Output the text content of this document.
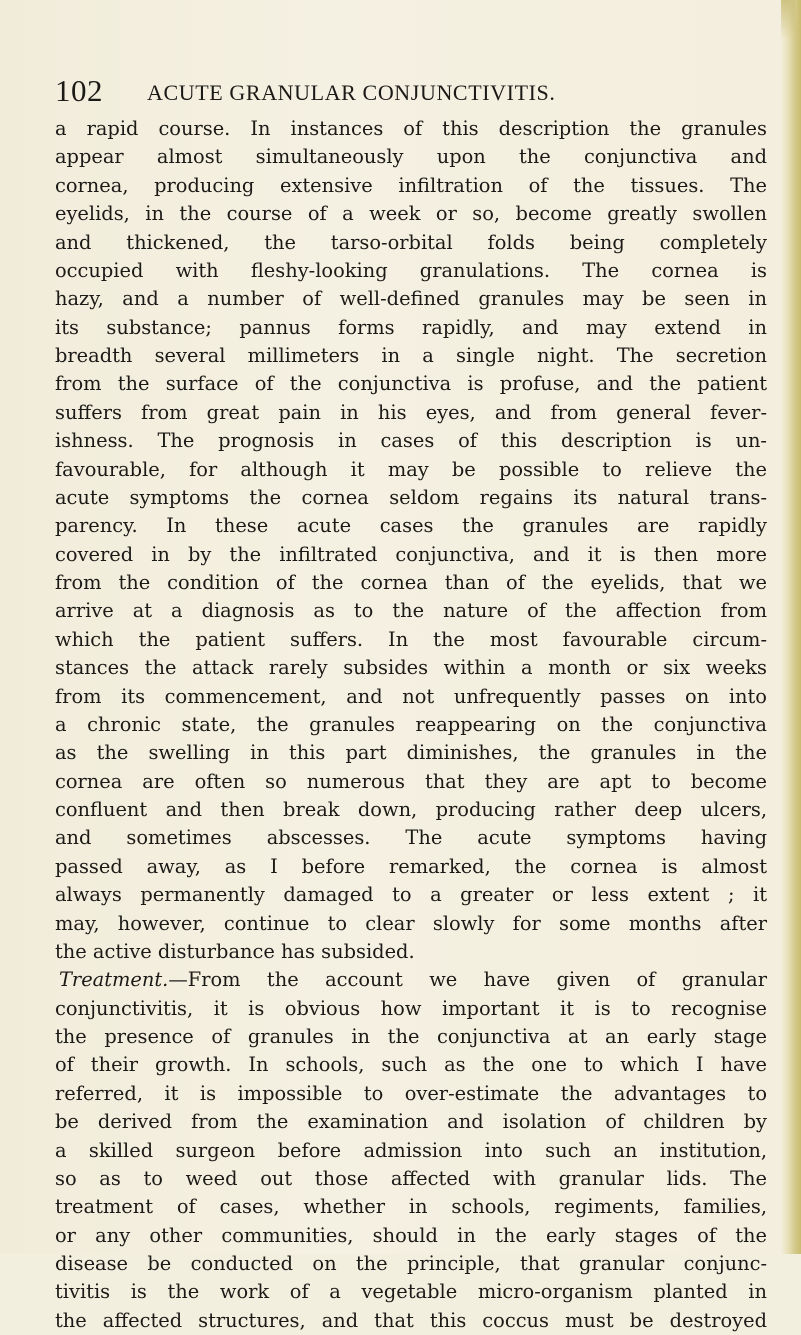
102 ACUTE GRANULAR CONJUNCTIVITIS.
a rapid course. In instances of this description the granules
appear almost simultaneously upon the conjunctiva and
cornea, producing extensive infiltration of the tissues. The
eyelids, in the course of a week or so, become greatly swollen
and thickened, the tarso-orbital folds being completely
occupied with fleshy-looking granulations. The cornea is
hazy, and a number of well-defined granules may be seen in
its substance; pannus forms rapidly, and may extend in
breadth several millimeters in a single night. The secretion
from the surface of the conjunctiva is profuse, and the patient
suffers from great pain in his eyes, and from general fever-
ishness. The prognosis in cases of this description is un-
favourable, for although it may be possible to relieve the
acute symptoms the cornea seldom regains its natural trans-
parency. In these acute cases the granules are rapidly
covered in by the infiltrated conjunctiva, and it is then more
from the condition of the cornea than of the eyelids, that we
arrive at a diagnosis as to the nature of the affection from
which the patient suffers. In the most favourable circum-
stances the attack rarely subsides within a month or six weeks
from its commencement, and not unfrequently passes on into
a chronic state, the granules reappearing on the conjunctiva
as the swelling in this part diminishes, the granules in the
cornea are often so numerous that they are apt to become
confluent and then break down, producing rather deep ulcers,
and sometimes abscesses. The acute symptoms having
passed away, as I before remarked, the cornea is almost
always permanently damaged to a greater or less extent ; it
may, however, continue to clear slowly for some months after
the active disturbance has subsided.
Treatment.—From the account we have given of granular
conjunctivitis, it is obvious how important it is to recognise
the presence of granules in the conjunctiva at an early stage
of their growth. In schools, such as the one to which I have
referred, it is impossible to over-estimate the advantages to
be derived from the examination and isolation of children by
a skilled surgeon before admission into such an institution,
so as to weed out those affected with granular lids. The
treatment of cases, whether in schools, regiments, families,
or any other communities, should in the early stages of the
disease be conducted on the principle, that granular conjunc-
tivitis is the work of a vegetable micro-organism planted in
the affected structures, and that this coccus must be destroyed
